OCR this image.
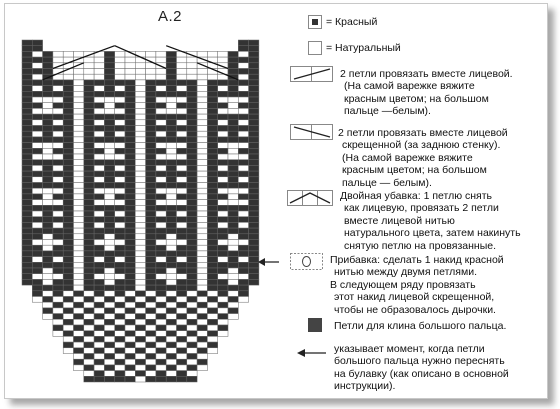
А.2	= Красный
= Натуральный
2 петли провязать вместе лицевой.
(На самой варежке вяжите
красным цветом; на большом
пальце —белым).
2 петли провязать вместе лицевой
скрещенной (за заднюю стенку).
(На самой варежке вяжите
красным цветом; на большом
пальце — белым).
Двойная убавка: 1 петлю снять
как лицевую, провязать 2 петли
вместе лицевой нитью
натурального цвета, затем накинуть
снятую петлю на провязанные.
Прибавка: сделать 1 накид красной
нитью между двумя петлями.
В следующем ряду провязать
этот накид лицевой скрещенной,
чтобы не образовалось дырочки.
Петли для клина большого пальца.
указывает момент, когда петли
большого пальца нужно переснять
на булавку (как описано в основной
инструкции).
